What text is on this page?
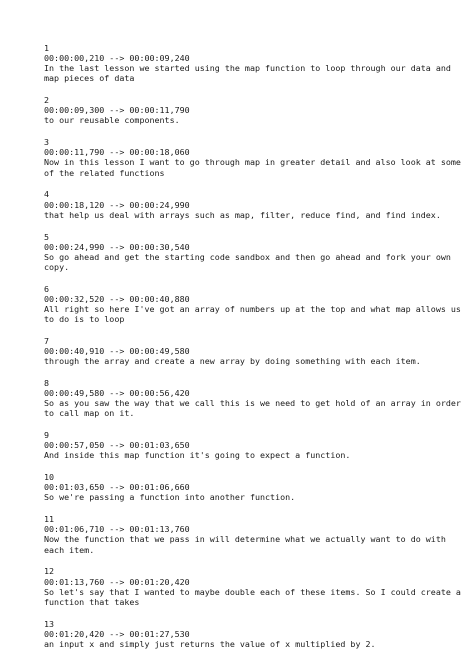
1
00:00:00,210 --> 00:00:09,240
In the last lesson we started using the map function to loop through our data and
map pieces of data
2
00:00:09,300 --> 00:00:11,790
to our reusable components.
3
00:00:11,790 --> 00:00:18,060
Now in this lesson I want to go through map in greater detail and also look at some
of the related functions
4
00:00:18,120 --> 00:00:24,990
that help us deal with arrays such as map, filter, reduce find, and find index.
5
00:00:24,990 --> 00:00:30,540
So go ahead and get the starting code sandbox and then go ahead and fork your own
copy.
6
00:00:32,520 --> 00:00:40,880
All right so here I've got an array of numbers up at the top and what map allows us
to do is to loop
7
00:00:40,910 --> 00:00:49,580
through the array and create a new array by doing something with each item.
8
00:00:49,580 --> 00:00:56,420
So as you saw the way that we call this is we need to get hold of an array in order
to call map on it.
9
00:00:57,050 --> 00:01:03,650
And inside this map function it's going to expect a function.
10
00:01:03,650 --> 00:01:06,660
So we're passing a function into another function.
11
00:01:06,710 --> 00:01:13,760
Now the function that we pass in will determine what we actually want to do with
each item.
12
00:01:13,760 --> 00:01:20,420
So let's say that I wanted to maybe double each of these items. So I could create a
function that takes
13
00:01:20,420 --> 00:01:27,530
an input x and simply just returns the value of x multiplied by 2.
